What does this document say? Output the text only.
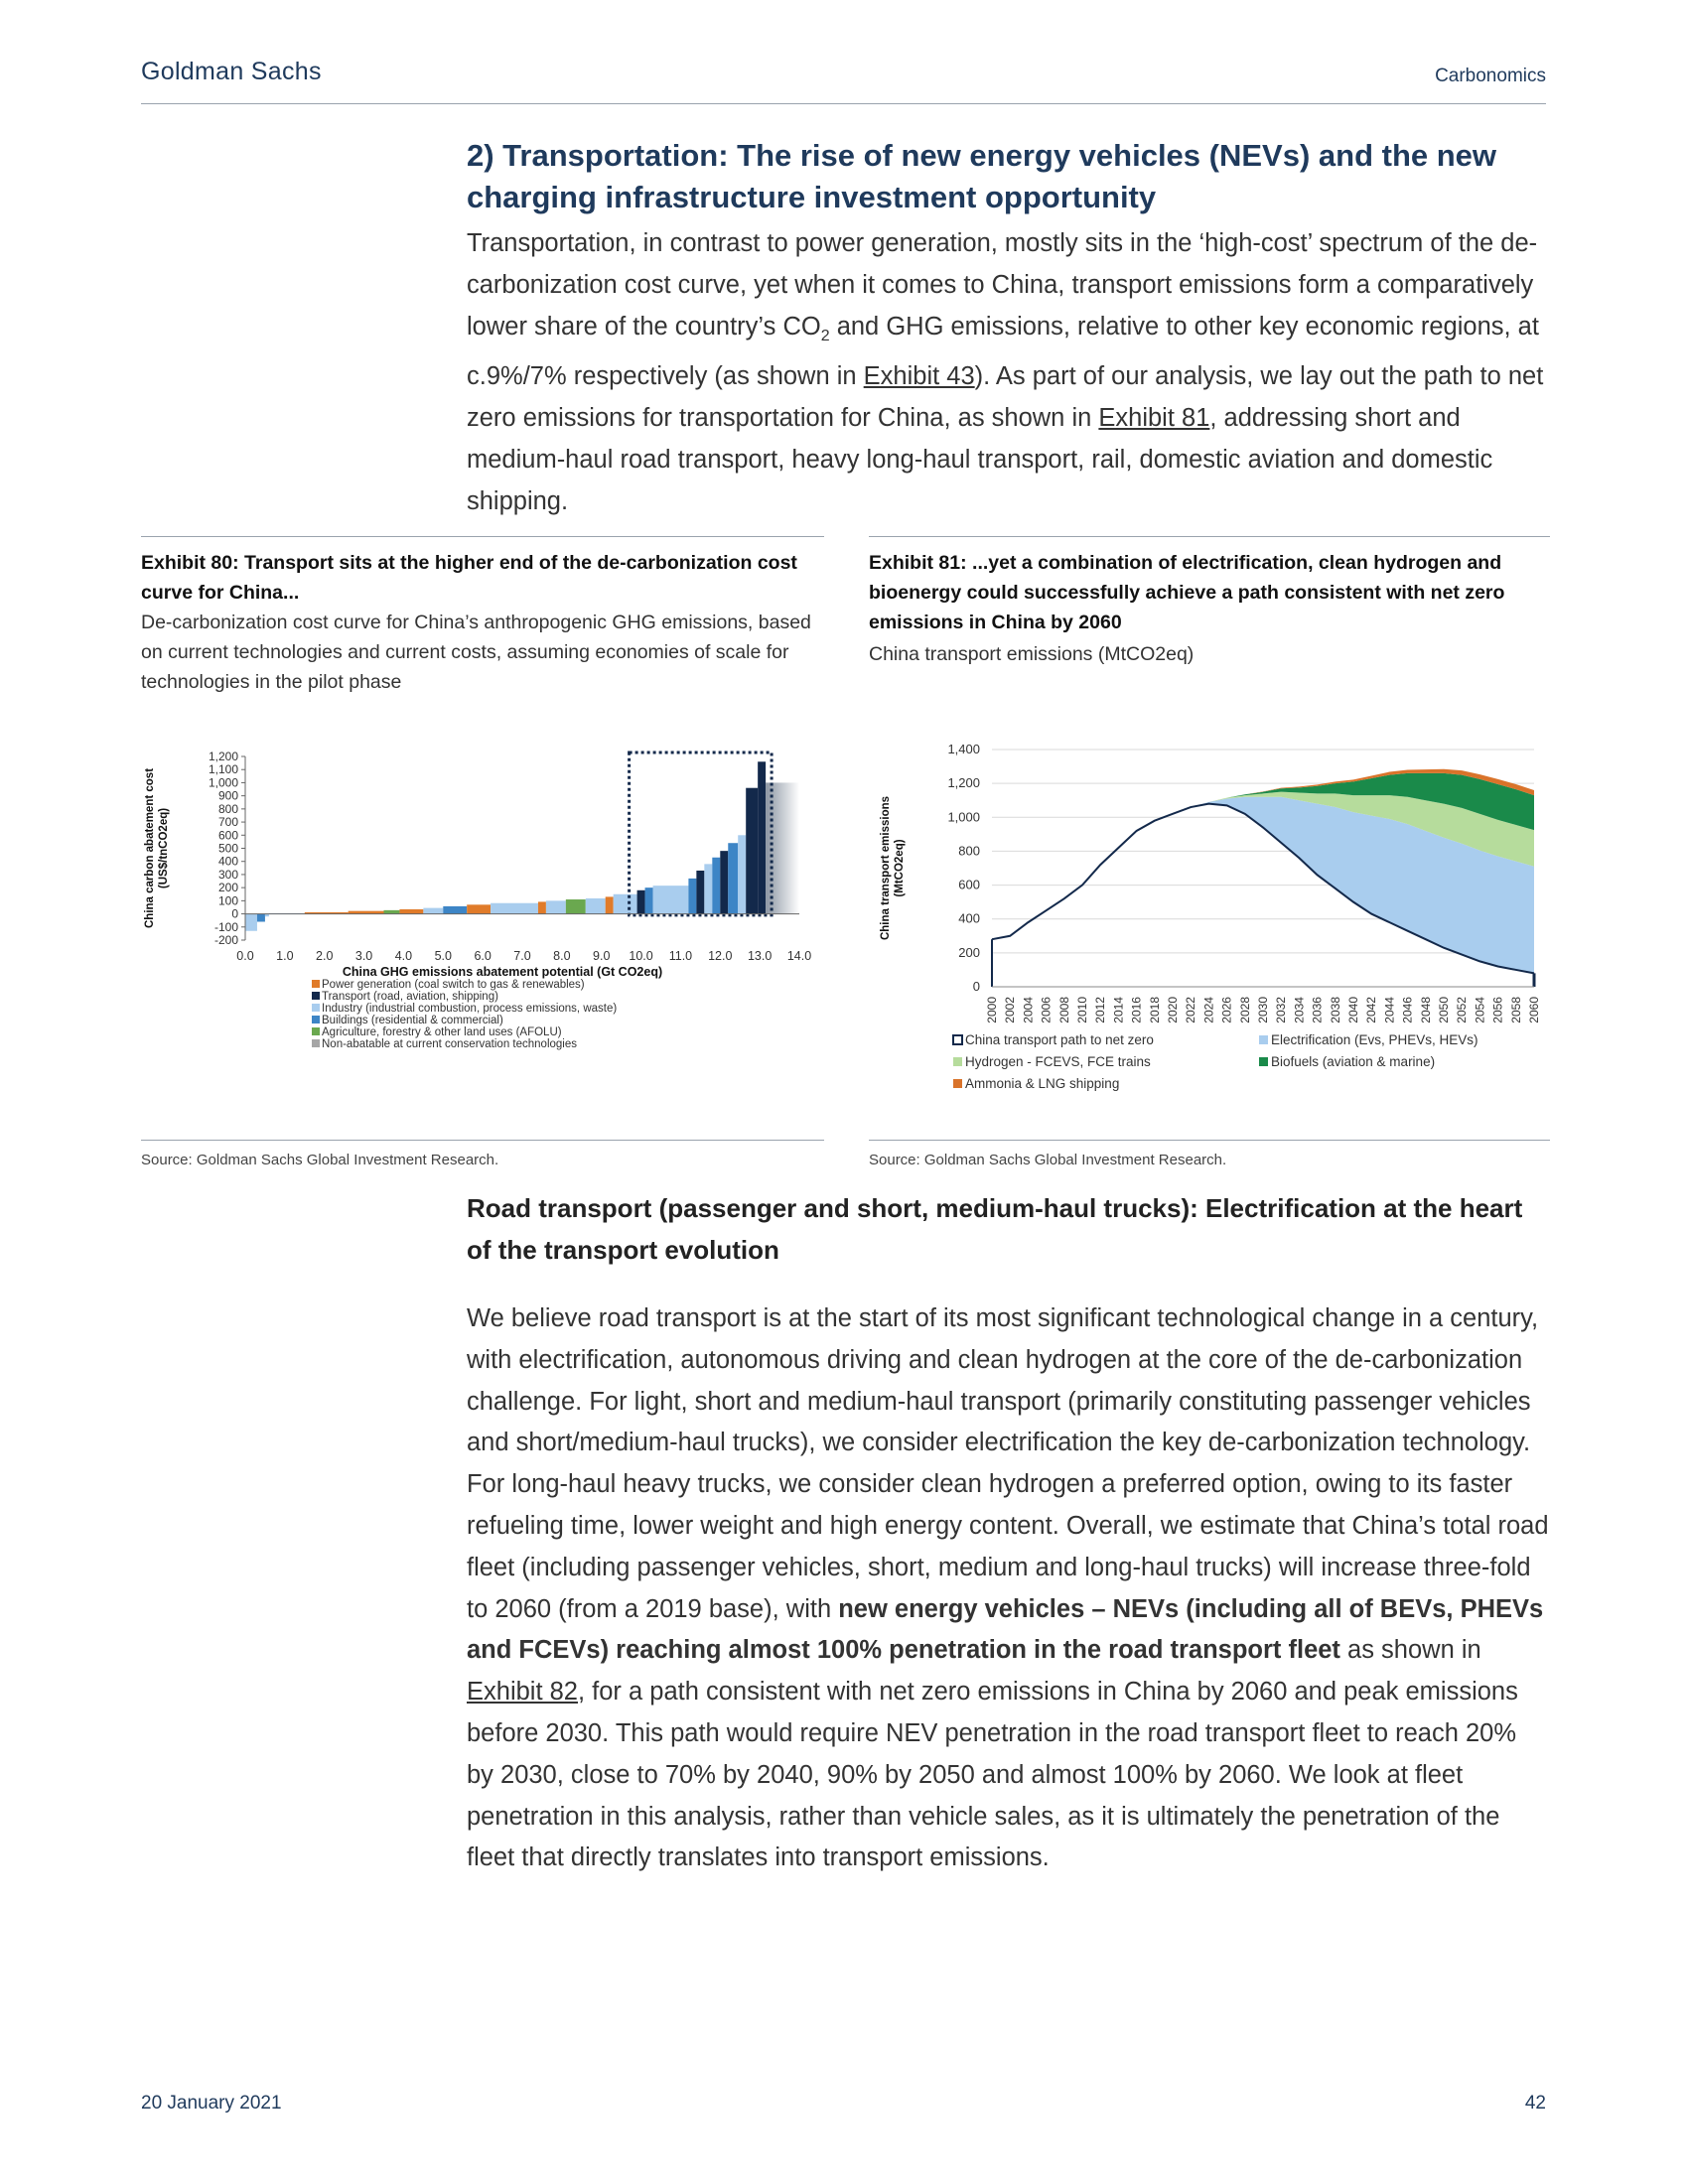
Goldman Sachs	Carbonomics
2) Transportation: The rise of new energy vehicles (NEVs) and the new charging infrastructure investment opportunity

Transportation, in contrast to power generation, mostly sits in the ‘high-cost’ spectrum of the de-carbonization cost curve, yet when it comes to China, transport emissions form a comparatively lower share of the country’s $CO_2$ and GHG emissions, relative to other key economic regions, at c.9%/7% respectively (as shown in Exhibit 43). As part of our analysis, we lay out the path to net zero emissions for transportation for China, as shown in Exhibit 81, addressing short and medium-haul road transport, heavy long-haul transport, rail, domestic aviation and domestic shipping.

Exhibit 80: Transport sits at the higher end of the de-carbonization cost curve for China...
De-carbonization cost curve for China’s anthropogenic GHG emissions, based on current technologies and current costs, assuming economies of scale for technologies in the pilot phase
Exhibit 81: ...yet a combination of electrification, clean hydrogen and bioenergy could successfully achieve a path consistent with net zero emissions in China by 2060
China transport emissions (MtCO2eq)
1,200
1,100
1,000
900
800
700
600
500
400
300
200
100
0
-100
-200
0.0 1.0 2.0 3.0 4.0 5.0 6.0 7.0 8.0 9.0 10.0 11.0 12.0 13.0 14.0
China carbon abatement cost (US$/tnCO2eq)
China GHG emissions abatement potential (Gt CO2eq)
Power generation (coal switch to gas & renewables)
Transport (road, aviation, shipping)
Industry (industrial combustion, process emissions, waste)
Buildings (residential & commercial)
Agriculture, forestry & other land uses (AFOLU)
Non-abatable at current conservation technologies
1,400
1,200
1,000
800
600
400
200
0
2000 2002 2004 2006 2008 2010 2012 2014 2016 2018 2020 2022 2024 2026 2028 2030 2032 2034 2036 2038 2040 2042 2044 2046 2048 2050 2052 2054 2056 2058 2060
China transport emissions (MtCO2eq)
China transport path to net zero	Electrification (Evs, PHEVs, HEVs)
Hydrogen - FCEVS, FCE trains	Biofuels (aviation & marine)
Ammonia & LNG shipping
Source: Goldman Sachs Global Investment Research.	Source: Goldman Sachs Global Investment Research.
Road transport (passenger and short, medium-haul trucks): Electrification at the heart of the transport evolution

We believe road transport is at the start of its most significant technological change in a century, with electrification, autonomous driving and clean hydrogen at the core of the de-carbonization challenge. For light, short and medium-haul transport (primarily constituting passenger vehicles and short/medium-haul trucks), we consider electrification the key de-carbonization technology. For long-haul heavy trucks, we consider clean hydrogen a preferred option, owing to its faster refueling time, lower weight and high energy content. Overall, we estimate that China’s total road fleet (including passenger vehicles, short, medium and long-haul trucks) will increase three-fold to 2060 (from a 2019 base), with new energy vehicles – NEVs (including all of BEVs, PHEVs and FCEVs) reaching almost 100% penetration in the road transport fleet as shown in Exhibit 82, for a path consistent with net zero emissions in China by 2060 and peak emissions before 2030. This path would require NEV penetration in the road transport fleet to reach 20% by 2030, close to 70% by 2040, 90% by 2050 and almost 100% by 2060. We look at fleet penetration in this analysis, rather than vehicle sales, as it is ultimately the penetration of the fleet that directly translates into transport emissions.

20 January 2021	42
